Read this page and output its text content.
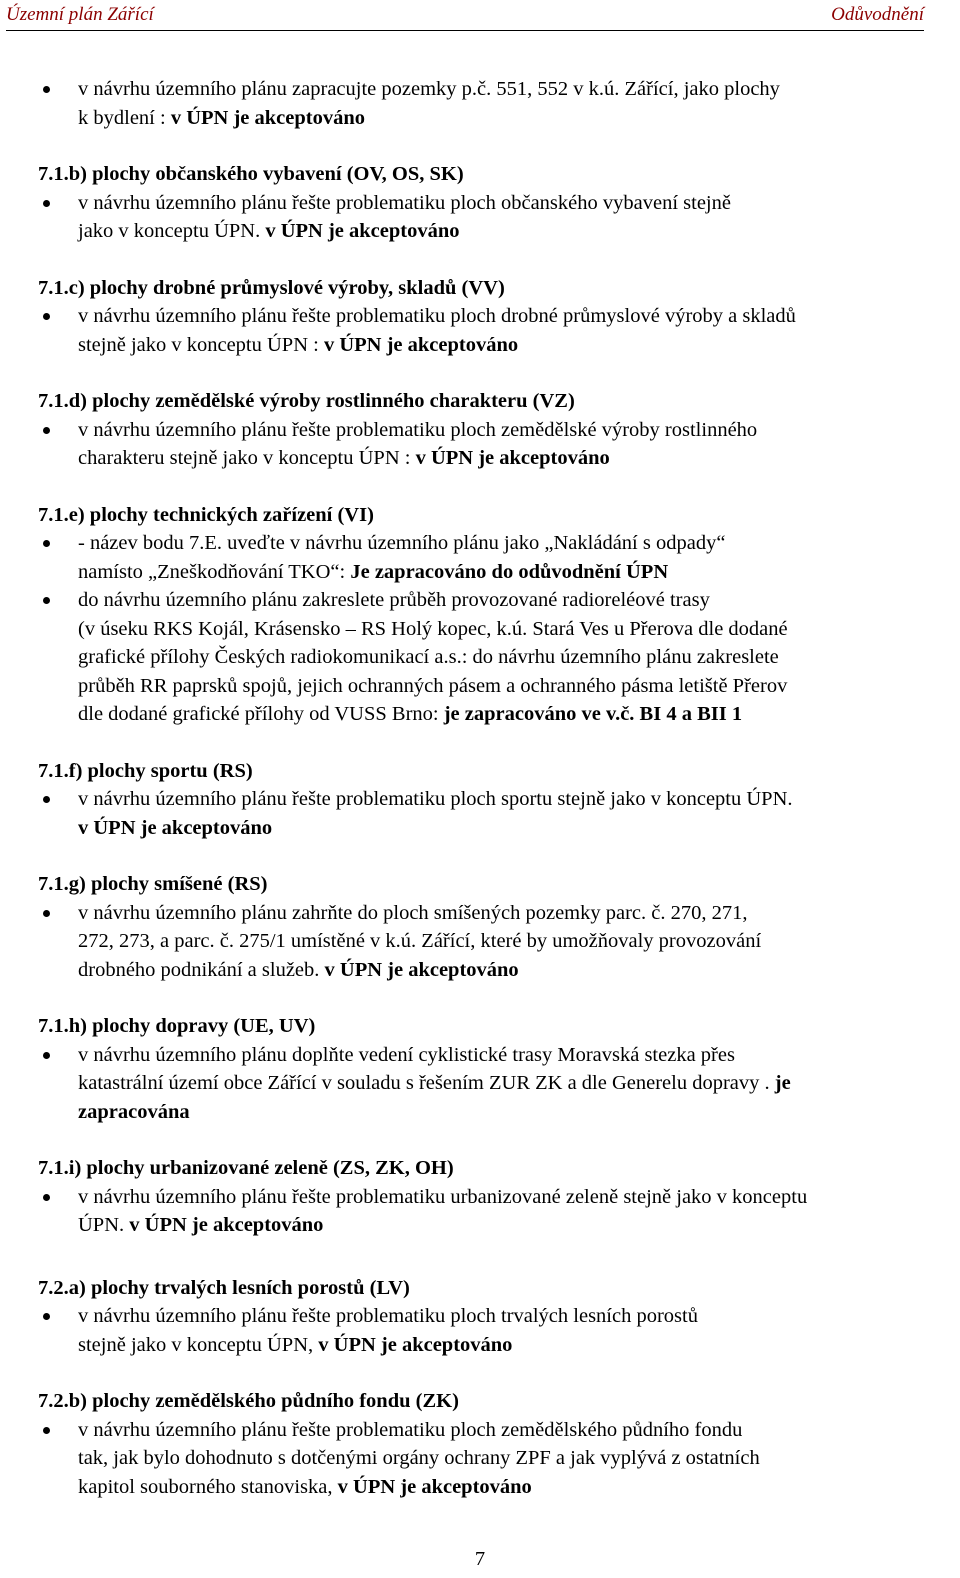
Územní plán Zářící	Odůvodnění
v návrhu územního plánu zapracujte pozemky p.č. 551, 552 v k.ú. Zářící, jako plochy
k bydlení : v ÚPN je akceptováno
7.1.b) plochy občanského vybavení (OV, OS, SK)
v návrhu územního plánu řešte problematiku ploch občanského vybavení stejně
jako v konceptu ÚPN. v ÚPN je akceptováno
7.1.c) plochy drobné průmyslové výroby, skladů (VV)
v návrhu územního plánu řešte problematiku ploch drobné průmyslové výroby a skladů
stejně jako v konceptu ÚPN : v ÚPN je akceptováno
7.1.d) plochy zemědělské výroby rostlinného charakteru (VZ)
v návrhu územního plánu řešte problematiku ploch zemědělské výroby rostlinného
charakteru stejně jako v konceptu ÚPN : v ÚPN je akceptováno
7.1.e) plochy technických zařízení (VI)
- název bodu 7.E. uveďte v návrhu územního plánu jako „Nakládání s odpady“
namísto „Zneškodňování TKO“: Je zapracováno do odůvodnění ÚPN
do návrhu územního plánu zakreslete průběh provozované radioreléové trasy
(v úseku RKS Kojál, Krásensko – RS Holý kopec, k.ú. Stará Ves u Přerova dle dodané
grafické přílohy Českých radiokomunikací a.s.: do návrhu územního plánu zakreslete
průběh RR paprsků spojů, jejich ochranných pásem a ochranného pásma letiště Přerov
dle dodané grafické přílohy od VUSS Brno: je zapracováno ve v.č. BI 4 a BII 1
7.1.f) plochy sportu (RS)
v návrhu územního plánu řešte problematiku ploch sportu stejně jako v konceptu ÚPN.
v ÚPN je akceptováno
7.1.g) plochy smíšené (RS)
v návrhu územního plánu zahrňte do ploch smíšených pozemky parc. č. 270, 271,
272, 273, a parc. č. 275/1 umístěné v k.ú. Zářící, které by umožňovaly provozování
drobného podnikání a služeb. v ÚPN je akceptováno
7.1.h) plochy dopravy (UE, UV)
v návrhu územního plánu doplňte vedení cyklistické trasy Moravská stezka přes
katastrální území obce Zářící v souladu s řešením ZUR ZK a dle Generelu dopravy . je
zapracována
7.1.i) plochy urbanizované zeleně (ZS, ZK, OH)
v návrhu územního plánu řešte problematiku urbanizované zeleně stejně jako v konceptu
ÚPN. v ÚPN je akceptováno
7.2.a) plochy trvalých lesních porostů (LV)
v návrhu územního plánu řešte problematiku ploch trvalých lesních porostů
stejně jako v konceptu ÚPN, v ÚPN je akceptováno
7.2.b) plochy zemědělského půdního fondu (ZK)
v návrhu územního plánu řešte problematiku ploch zemědělského půdního fondu
tak, jak bylo dohodnuto s dotčenými orgány ochrany ZPF a jak vyplývá z ostatních
kapitol souborného stanoviska, v ÚPN je akceptováno
7
